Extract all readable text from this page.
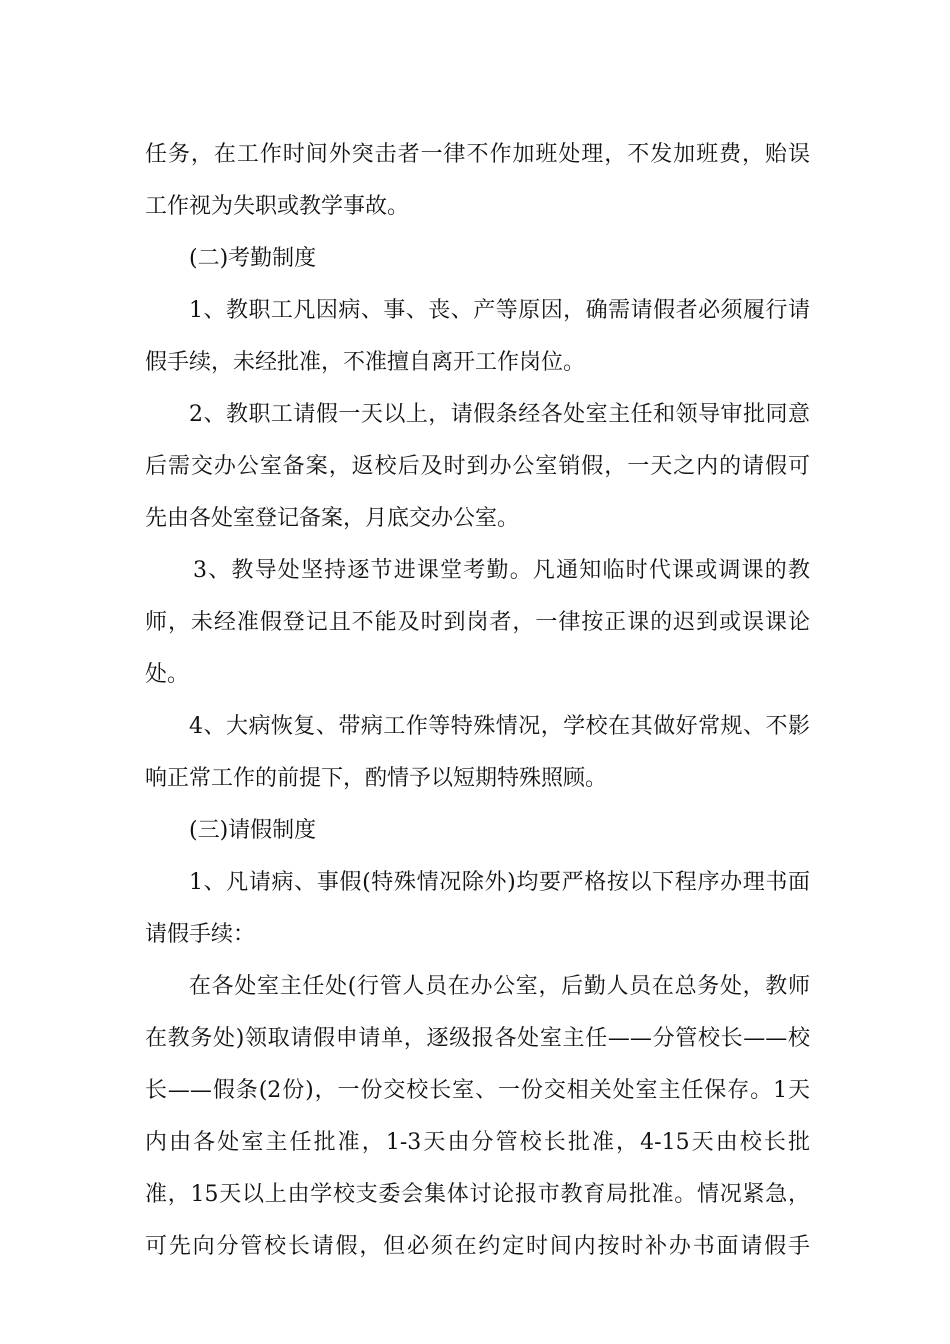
任务，在工作时间外突击者一律不作加班处理，不发加班费，贻误
工作视为失职或教学事故。
(二)考勤制度
1、教职工凡因病、事、丧、产等原因，确需请假者必须履行请
假手续，未经批准，不准擅自离开工作岗位。
2、教职工请假一天以上，请假条经各处室主任和领导审批同意
后需交办公室备案，返校后及时到办公室销假，一天之内的请假可
先由各处室登记备案，月底交办公室。
3、教导处坚持逐节进课堂考勤。凡通知临时代课或调课的教
师，未经准假登记且不能及时到岗者，一律按正课的迟到或误课论
处。
4、大病恢复、带病工作等特殊情况，学校在其做好常规、不影
响正常工作的前提下，酌情予以短期特殊照顾。
(三)请假制度
1、凡请病、事假(特殊情况除外)均要严格按以下程序办理书面
请假手续：
在各处室主任处(行管人员在办公室，后勤人员在总务处，教师
在教务处)领取请假申请单，逐级报各处室主任——分管校长——校
长——假条(2份)，一份交校长室、一份交相关处室主任保存。1天
内由各处室主任批准，1-3天由分管校长批准，4-15天由校长批
准，15天以上由学校支委会集体讨论报市教育局批准。情况紧急，
可先向分管校长请假，但必须在约定时间内按时补办书面请假手
